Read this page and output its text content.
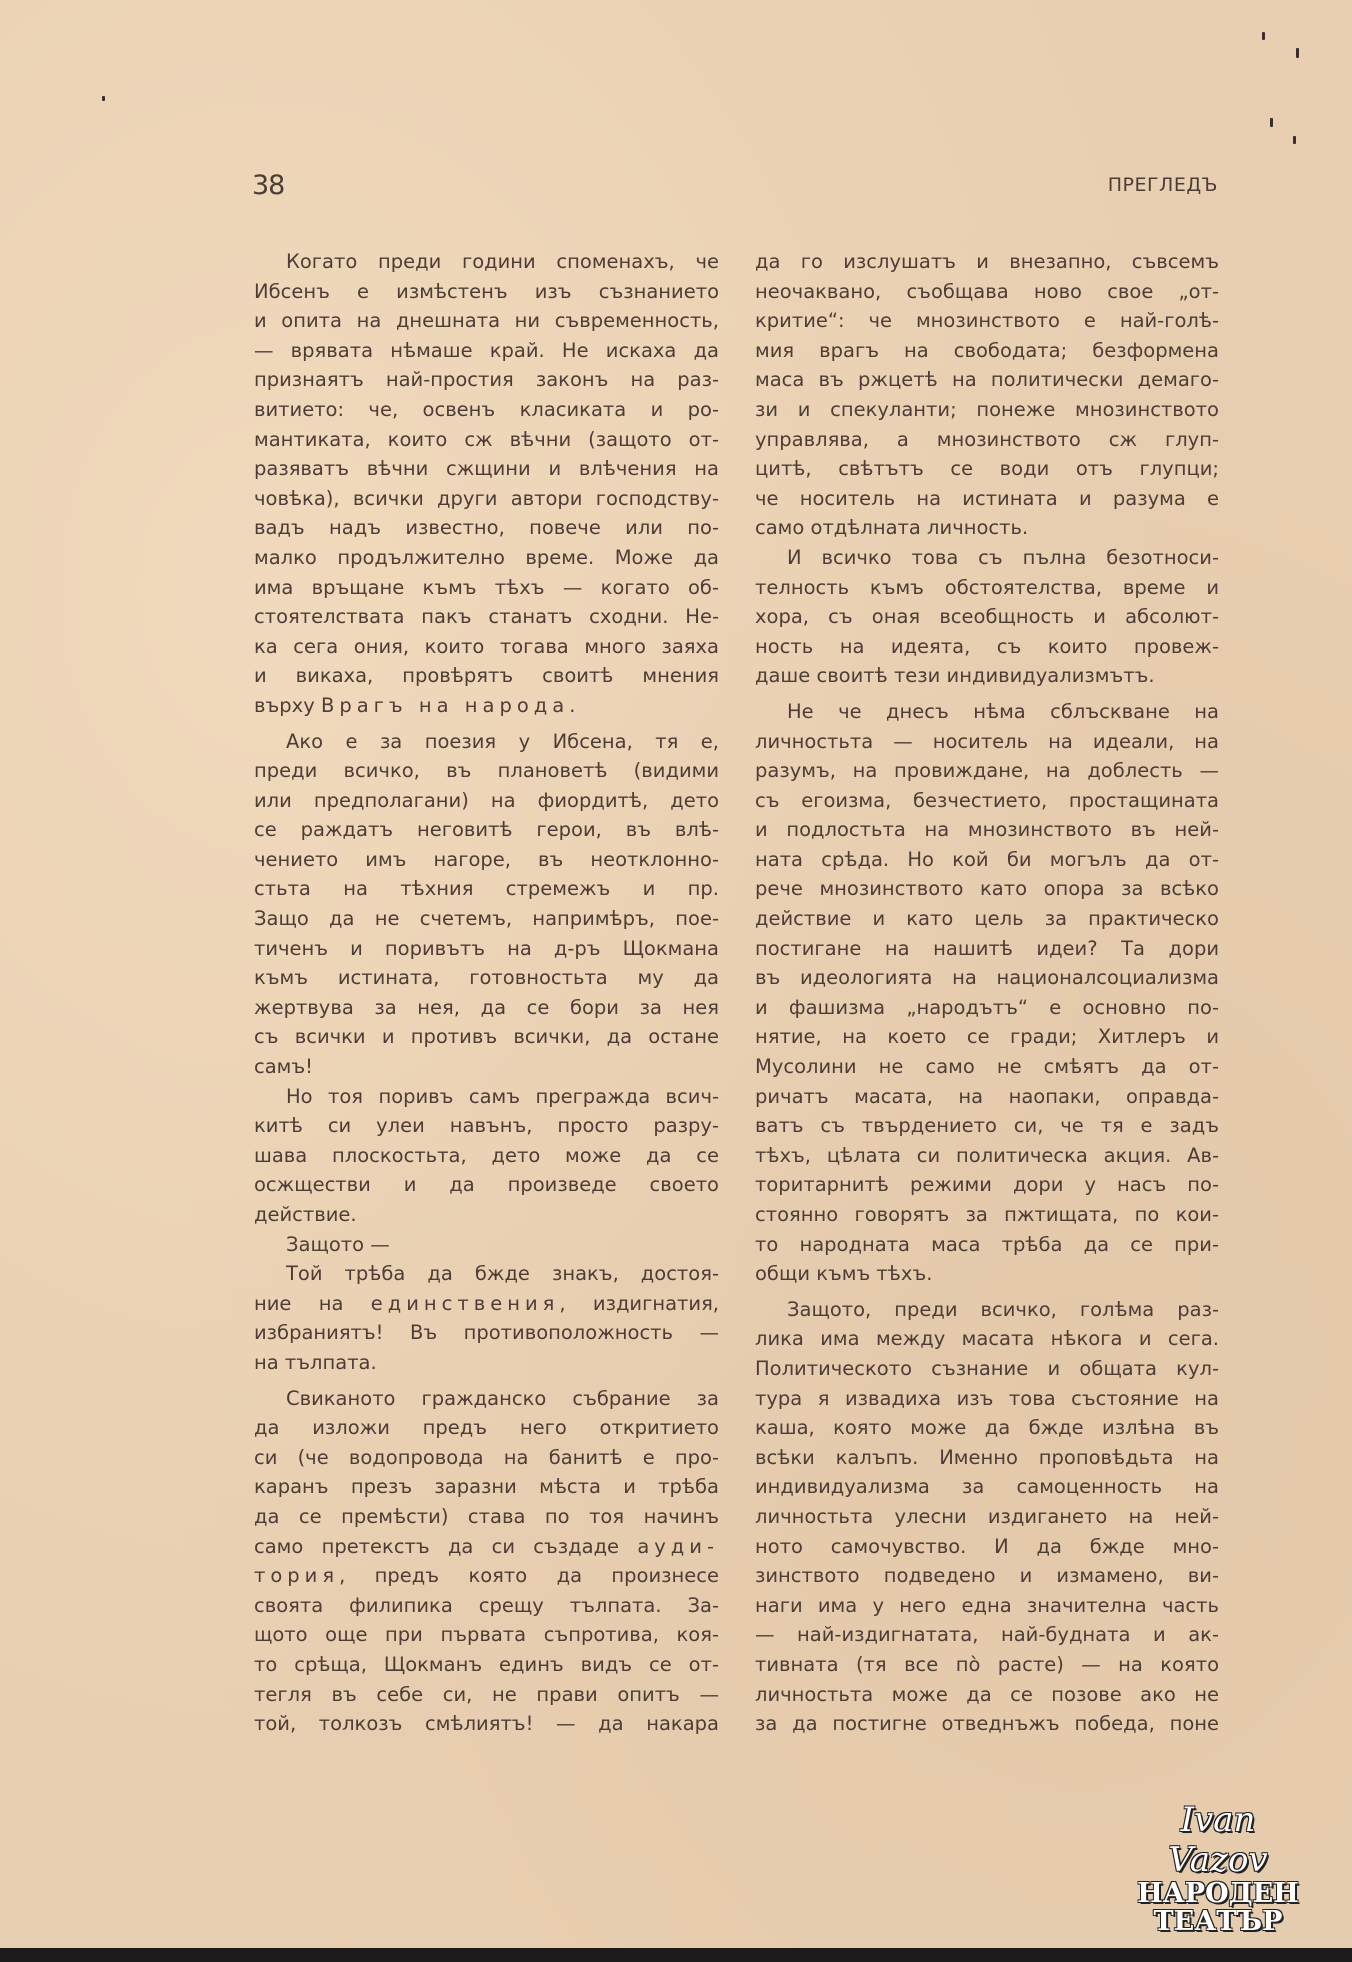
38	ПРЕГЛЕДЪ
Когато преди години споменахъ, че
Ибсенъ е измѣстенъ изъ съзнанието
и опита на днешната ни съвременность,
— врявата нѣмаше край. Не искаха да
признаятъ най-простия законъ на раз-
витието: че, освенъ класиката и ро-
мантиката, които сж вѣчни (защото от-
разяватъ вѣчни сжщини и влѣчения на
човѣка), всички други автори господству-
вадъ надъ известно, повече или по-
малко продължително време. Може да
има връщане къмъ тѣхъ — когато об-
стоятелствата пакъ станатъ сходни. Не-
ка сега ония, които тогава много заяха
и викаха, провѣрятъ своитѣ мнения
върху Врагъ на народа.
Ако е за поезия у Ибсена, тя е,
преди всичко, въ плановетѣ (видими
или предполагани) на фиордитѣ, дето
се раждатъ неговитѣ герои, въ влѣ-
чението имъ нагоре, въ неотклонно-
стьта на тѣхния стремежъ и пр.
Защо да не счетемъ, напримѣръ, пое-
тиченъ и поривътъ на д-ръ Щокмана
къмъ истината, готовностьта му да
жертвува за нея, да се бори за нея
съ всички и противъ всички, да остане
самъ!
Но тоя поривъ самъ преграждa всич-
китѣ си улеи навънъ, просто разру-
шава плоскостьта, дето може да се
осжществи и да произведе своето
действие.
Защото —
Той трѣба да бжде знакъ, достоя-
ние на единствения, издигнатия,
избраниятъ! Въ противоположность —
на тълпата.
Свиканото гражданско събрание за
да изложи предъ него откритието
си (че водопровода на банитѣ е про-
каранъ презъ заразни мѣста и трѣба
да се премѣсти) става по тоя начинъ
само претекстъ да си създаде ауди-
тория, предъ която да произнесе
своята филипика срещу тълпата. За-
щото още при първата съпротива, коя-
то срѣща, Щокманъ единъ видъ се от-
тегля въ себе си, не прави опитъ —
той, толкозъ смѣлиятъ! — да накара
да го изслушатъ и внезапно, съвсемъ
неочаквано, съобщава ново свое „от-
критие“: че мнозинството е най-голѣ-
мия врагъ на свободата; безформена
маса въ ржцетѣ на политически демаго-
зи и спекуланти; понеже мнозинството
управлява, а мнозинството сж глуп-
цитѣ, свѣтътъ се води отъ глупци;
че носитель на истината и разума е
само отдѣлната личность.
И всичко това съ пълна безотноси-
телность къмъ обстоятелства, време и
хора, съ оная всеобщность и абсолют-
ность на идеята, съ които провеж-
даше своитѣ тези индивидуализмътъ.
Не че днесъ нѣма сблъскване на
личностьта — носитель на идеали, на
разумъ, на провиждане, на доблесть —
съ егоизма, безчестието, простащината
и подлостьта на мнозинството въ ней-
ната срѣда. Но кой би могълъ да от-
рече мнозинството като опора за всѣко
действие и като цель за практическо
постигане на нашитѣ идеи? Та дори
въ идеологията на националсоциализма
и фашизма „народътъ“ е основно по-
нятие, на което се гради; Хитлеръ и
Мусолини не само не смѣятъ да от-
ричатъ масата, на наопаки, оправда-
ватъ съ твърдението си, че тя е задъ
тѣхъ, цѣлата си политическа акция. Ав-
торитарнитѣ режими дори у насъ по-
стоянно говорятъ за пжтищата, по кои-
то народната маса трѣба да се при-
общи къмъ тѣхъ.
Защото, преди всичко, голѣма раз-
лика има между масата нѣкога и сега.
Политическото съзнание и общата кул-
тура я извадиха изъ това състояние на
каша, която може да бжде излѣна въ
всѣки калъпъ. Именно проповѣдьта на
индивидуализма за самоценность на
личностьта улесни издигането на ней-
ното самочувство. И да бжде мно-
зинството подведено и измамено, ви-
наги има у него една значителна часть
— най-издигнатата, най-будната и ак-
тивната (тя все по̀ расте) — на която
личностьта може да се позове ако не
за да постигне отведнъжъ победа, поне
Ivan Vazov
НАРОДЕН
ТЕАТЪР
